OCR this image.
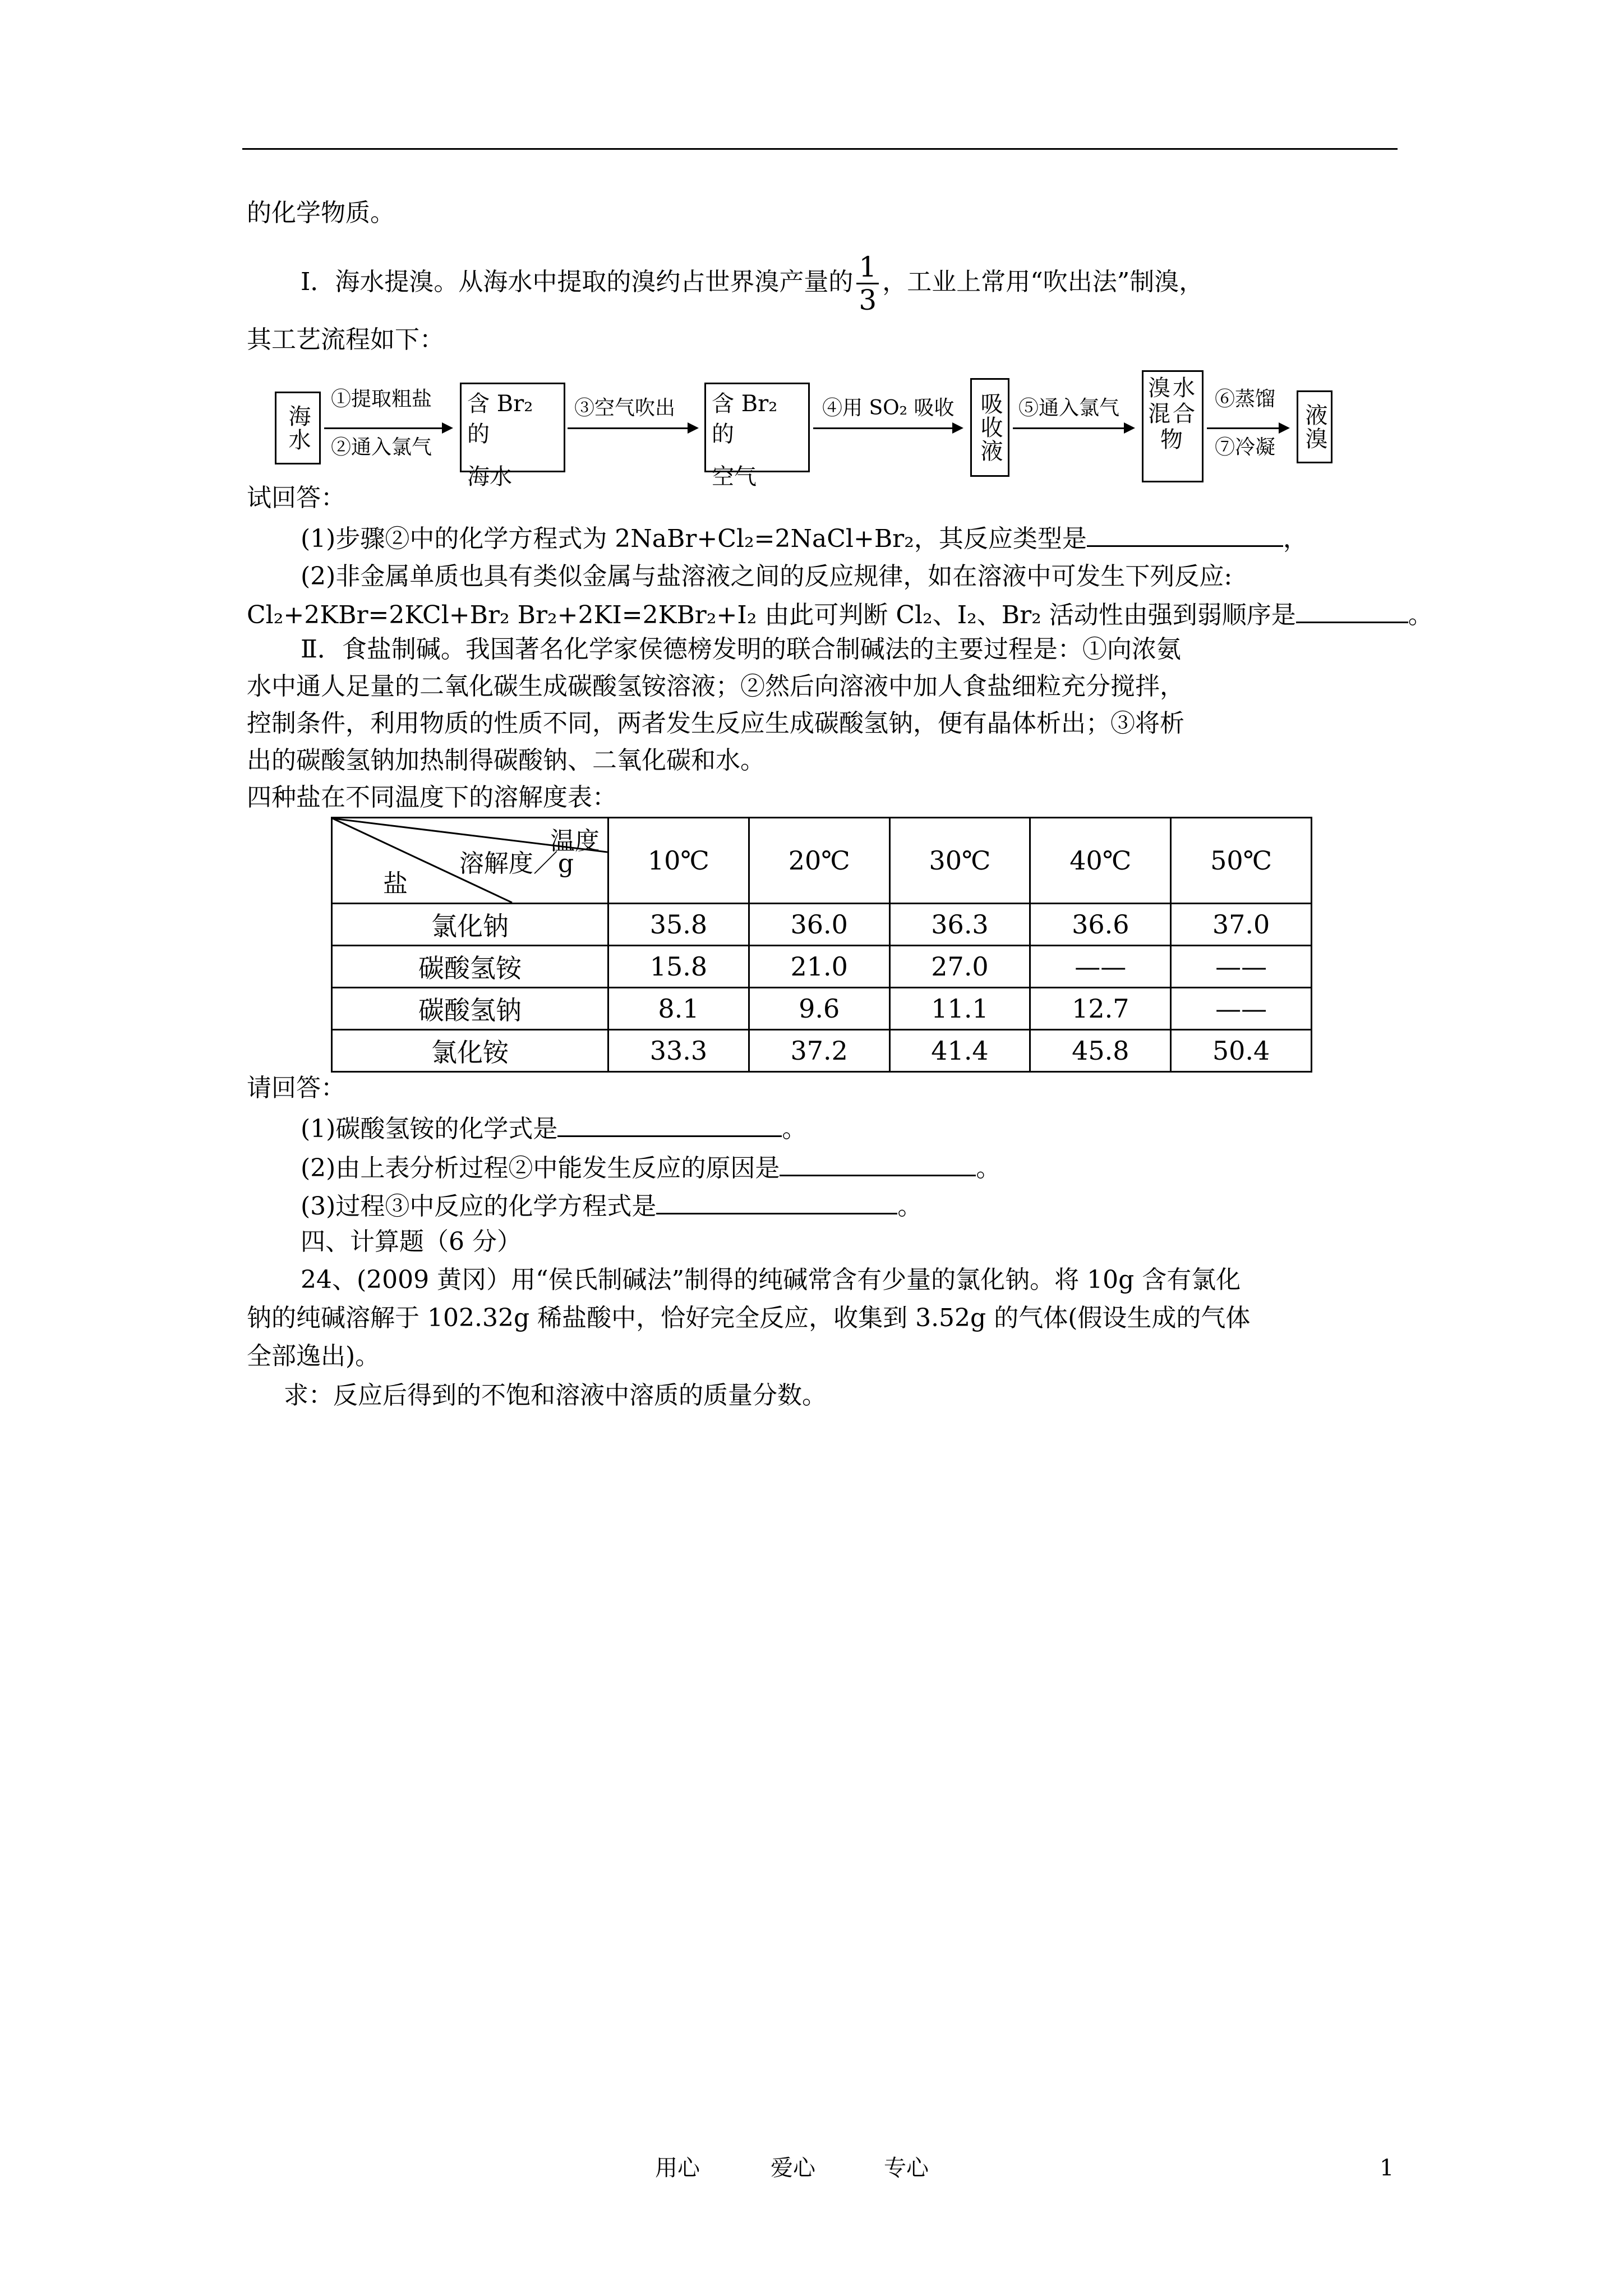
的化学物质。
Ⅰ．海水提溴。从海水中提取的溴约占世界溴产量的 $\frac{1}{3}$ ，工业上常用“吹出法”制溴，
其工艺流程如下：
海水
①提取粗盐
②通入氯气
含 Br₂ 的
海水
③空气吹出 含 Br₂ 的
空气
④用 SO₂ 吸收	吸收液 ⑤通入氯气
溴水混合物
⑥蒸馏
⑦冷凝 液溴
试回答：
(1)步骤②中的化学方程式为 2NaBr+Cl₂=2NaCl+Br₂，其反应类型是	，
(2)非金属单质也具有类似金属与盐溶液之间的反应规律，如在溶液中可发生下列反应:
Cl₂+2KBr=2KCl+Br₂ Br₂+2KI=2KBr₂+I₂ 由此可判断 Cl₂、I₂、Br₂ 活动性由强到弱顺序是	。
Ⅱ．食盐制碱。我国著名化学家侯德榜发明的联合制碱法的主要过程是：①向浓氨
水中通人足量的二氧化碳生成碳酸氢铵溶液；②然后向溶液中加人食盐细粒充分搅拌，
控制条件，利用物质的性质不同，两者发生反应生成碳酸氢钠，便有晶体析出；③将析
出的碳酸氢钠加热制得碳酸钠、二氧化碳和水。
四种盐在不同温度下的溶解度表：
温度
溶解度／g
盐	10℃	20℃	30℃	40℃	50℃
氯化钠	35.8	36.0	36.3	36.6	37.0
碳酸氢铵	15.8	21.0	27.0	——	——
碳酸氢钠	8.1	9.6	11.1	12.7	——
氯化铵	33.3	37.2	41.4	45.8	50.4
请回答：
(1)碳酸氢铵的化学式是	。
(2)由上表分析过程②中能发生反应的原因是	。
(3)过程③中反应的化学方程式是	。
四、计算题（6 分）
24、(2009 黄冈）用“侯氏制碱法”制得的纯碱常含有少量的氯化钠。将 10g 含有氯化
钠的纯碱溶解于 102.32g 稀盐酸中，恰好完全反应，收集到 3.52g 的气体(假设生成的气体
全部逸出)。
求：反应后得到的不饱和溶液中溶质的质量分数。
用心	爱心	专心	1
